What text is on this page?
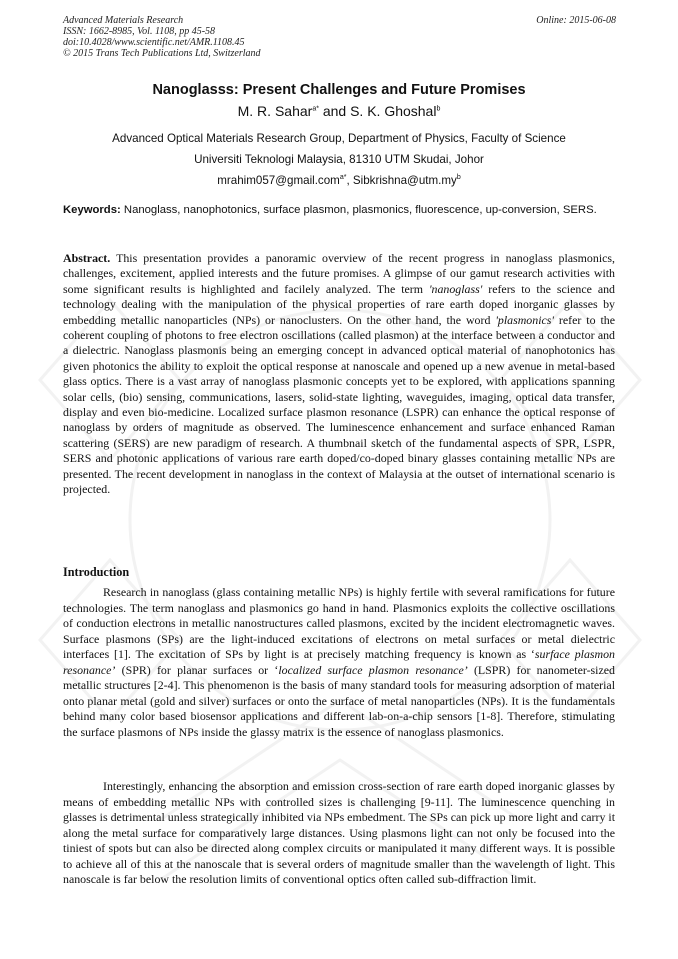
Advanced Materials Research
ISSN: 1662-8985, Vol. 1108, pp 45-58
doi:10.4028/www.scientific.net/AMR.1108.45
© 2015 Trans Tech Publications Ltd, Switzerland
Online: 2015-06-08
Nanoglasss: Present Challenges and Future Promises
M. R. Sahar$^{a*}$ and S. K. Ghoshal$^b$
Advanced Optical Materials Research Group, Department of Physics, Faculty of Science
Universiti Teknologi Malaysia, 81310 UTM Skudai, Johor
mrahim057@gmail.com$^{a*}$, $Sibkrishna@utm.my^b$

Keywords: Nanoglass, nanophotonics, surface plasmon, plasmonics, fluorescence, up-conversion, SERS.

Abstract. This presentation provides a panoramic overview of the recent progress in nanoglass plasmonics, challenges, excitement, applied interests and the future promises. A glimpse of our gamut research activities with some significant results is highlighted and facilely analyzed. The term 'nanoglass' refers to the science and technology dealing with the manipulation of the physical properties of rare earth doped inorganic glasses by embedding metallic nanoparticles (NPs) or nanoclusters. On the other hand, the word 'plasmonics' refer to the coherent coupling of photons to free electron oscillations (called plasmon) at the interface between a conductor and a dielectric. Nanoglass plasmonis being an emerging concept in advanced optical material of nanophotonics has given photonics the ability to exploit the optical response at nanoscale and opened up a new avenue in metal-based glass optics. There is a vast array of nanoglass plasmonic concepts yet to be explored, with applications spanning solar cells, (bio) sensing, communications, lasers, solid-state lighting, waveguides, imaging, optical data transfer, display and even bio-medicine. Localized surface plasmon resonance (LSPR) can enhance the optical response of nanoglass by orders of magnitude as observed. The luminescence enhancement and surface enhanced Raman scattering (SERS) are new paradigm of research. A thumbnail sketch of the fundamental aspects of SPR, LSPR, SERS and photonic applications of various rare earth doped/co-doped binary glasses containing metallic NPs are presented. The recent development in nanoglass in the context of Malaysia at the outset of international scenario is projected.

Introduction

Research in nanoglass (glass containing metallic NPs) is highly fertile with several ramifications for future technologies. The term nanoglass and plasmonics go hand in hand. Plasmonics exploits the collective oscillations of conduction electrons in metallic nanostructures called plasmons, excited by the incident electromagnetic waves. Surface plasmons (SPs) are the light-induced excitations of electrons on metal surfaces or metal dielectric interfaces [1]. The excitation of SPs by light is at precisely matching frequency is known as ‘surface plasmon resonance’ (SPR) for planar surfaces or ‘localized surface plasmon resonance’ (LSPR) for nanometer-sized metallic structures [2-4]. This phenomenon is the basis of many standard tools for measuring adsorption of material onto planar metal (gold and silver) surfaces or onto the surface of metal nanoparticles (NPs). It is the fundamentals behind many color based biosensor applications and different lab-on-a-chip sensors [1-8]. Therefore, stimulating the surface plasmons of NPs inside the glassy matrix is the essence of nanoglass plasmonics.

Interestingly, enhancing the absorption and emission cross-section of rare earth doped inorganic glasses by means of embedding metallic NPs with controlled sizes is challenging [9-11]. The luminescence quenching in glasses is detrimental unless strategically inhibited via NPs embedment. The SPs can pick up more light and carry it along the metal surface for comparatively large distances. Using plasmons light can not only be focused into the tiniest of spots but can also be directed along complex circuits or manipulated it many different ways. It is possible to achieve all of this at the nanoscale that is several orders of magnitude smaller than the wavelength of light. This nanoscale is far below the resolution limits of conventional optics often called sub-diffraction limit.
